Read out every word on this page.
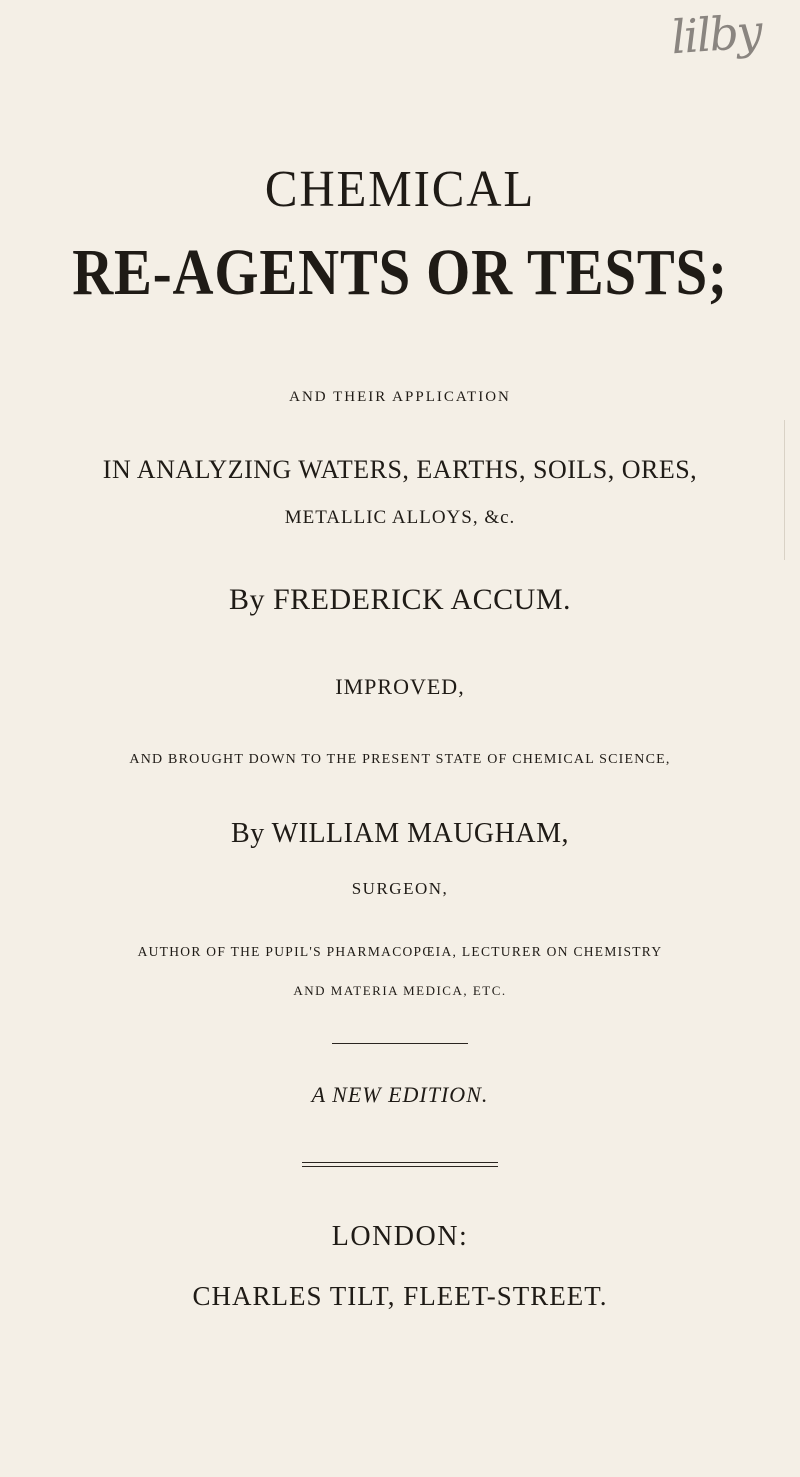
lilby

CHEMICAL

RE-AGENTS OR TESTS;

AND THEIR APPLICATION

IN ANALYZING WATERS, EARTHS, SOILS, ORES,

METALLIC ALLOYS, &c.

By FREDERICK ACCUM.

IMPROVED,

AND BROUGHT DOWN TO THE PRESENT STATE OF CHEMICAL SCIENCE,

By WILLIAM MAUGHAM,

SURGEON,

AUTHOR OF THE PUPIL'S PHARMACOPŒIA, LECTURER ON CHEMISTRY

AND MATERIA MEDICA, ETC.

A NEW EDITION.

LONDON:

CHARLES TILT, FLEET-STREET.
